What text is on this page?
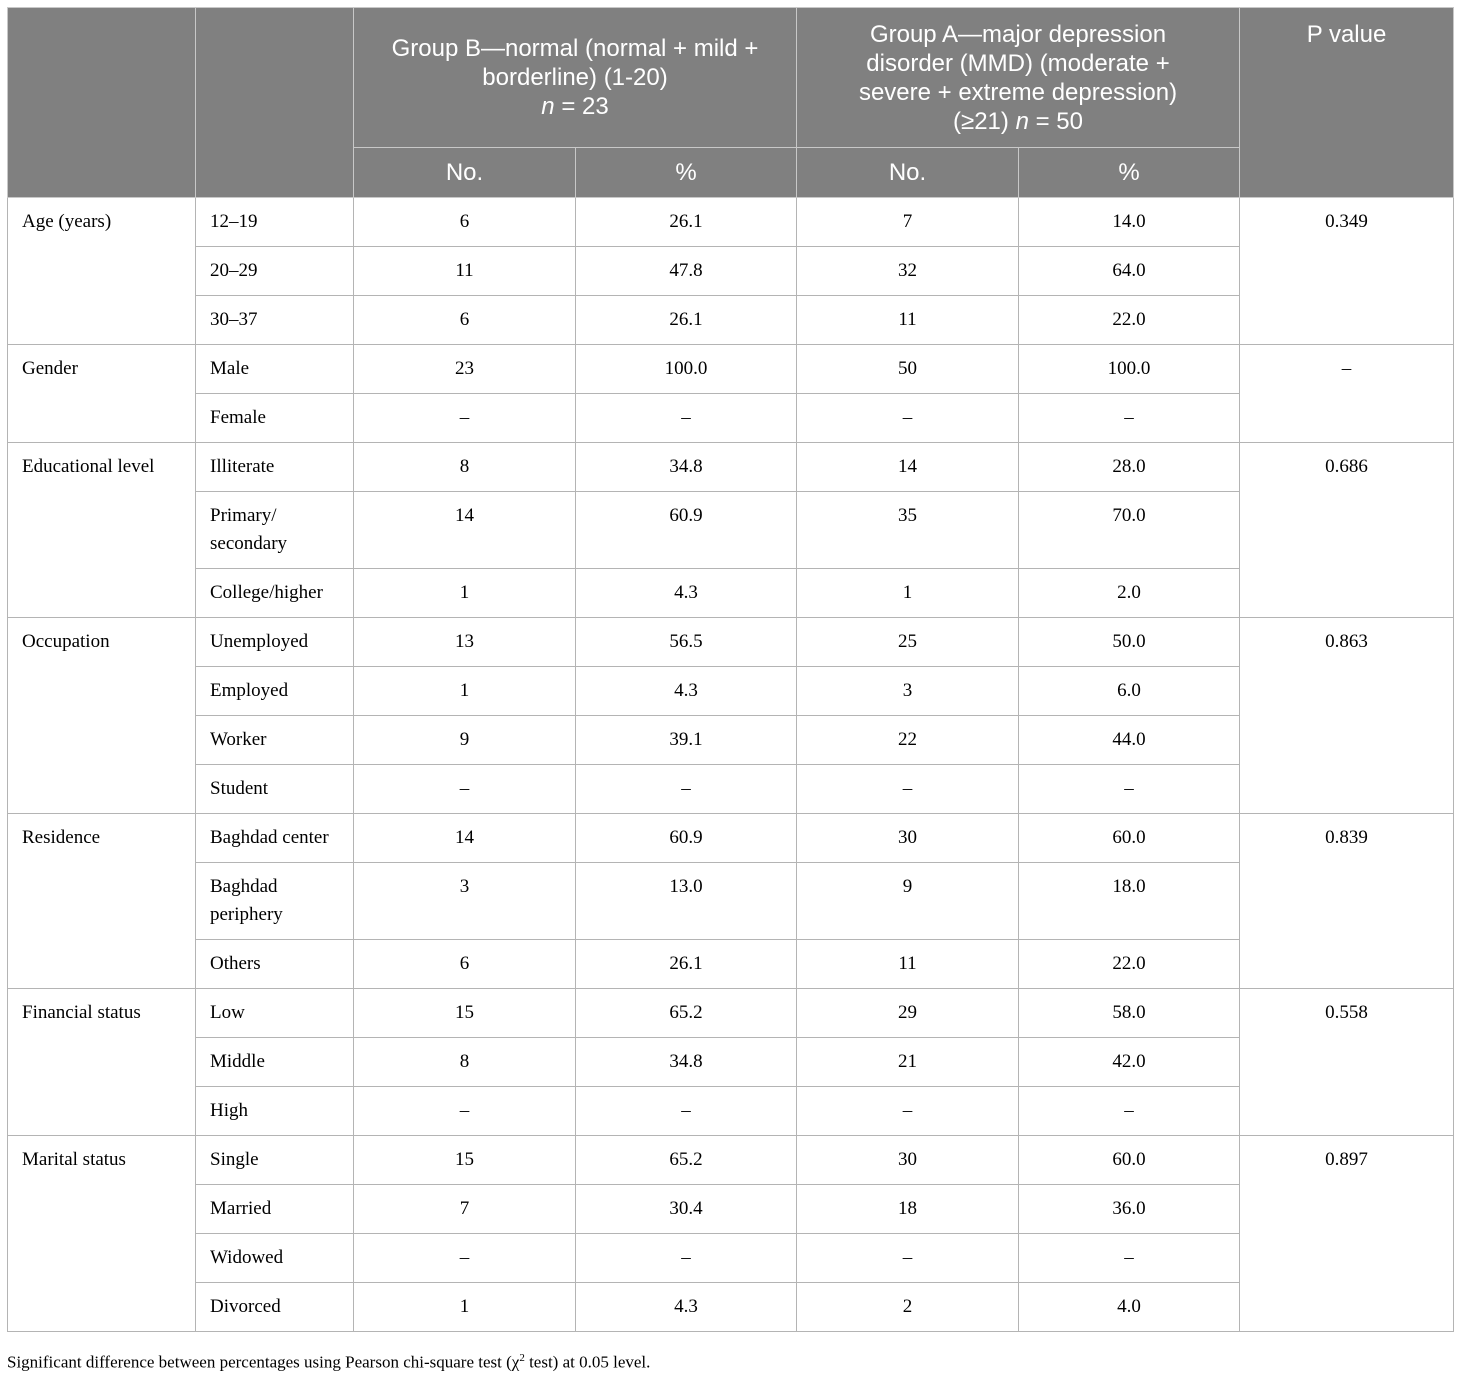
		Group B—normal (normal + mild +
borderline) (1-20)
n = 23		Group A—major depression
disorder (MMD) (moderate +
severe + extreme depression)
(≥21) n = 50		P value
		No.	%	No.	%	
Age (years)	12–19	6	26.1	7	14.0	0.349
	20–29	11	47.8	32	64.0	
	30–37	6	26.1	11	22.0	
Gender	Male	23	100.0	50	100.0	–
	Female	–	–	–	–	
Educational level	Illiterate	8	34.8	14	28.0	0.686
	Primary/ secondary	14	60.9	35	70.0	
	College/higher	1	4.3	1	2.0	
Occupation	Unemployed	13	56.5	25	50.0	0.863
	Employed	1	4.3	3	6.0	
	Worker	9	39.1	22	44.0	
	Student	–	–	–	–	
Residence	Baghdad center	14	60.9	30	60.0	0.839
	Baghdad periphery	3	13.0	9	18.0	
	Others	6	26.1	11	22.0	
Financial status	Low	15	65.2	29	58.0	0.558
	Middle	8	34.8	21	42.0	
	High	–	–	–	–	
Marital status	Single	15	65.2	30	60.0	0.897
	Married	7	30.4	18	36.0	
	Widowed	–	–	–	–	
	Divorced	1	4.3	2	4.0	
Significant difference between percentages using Pearson chi-square test ($\chi^2$ test) at 0.05 level.
